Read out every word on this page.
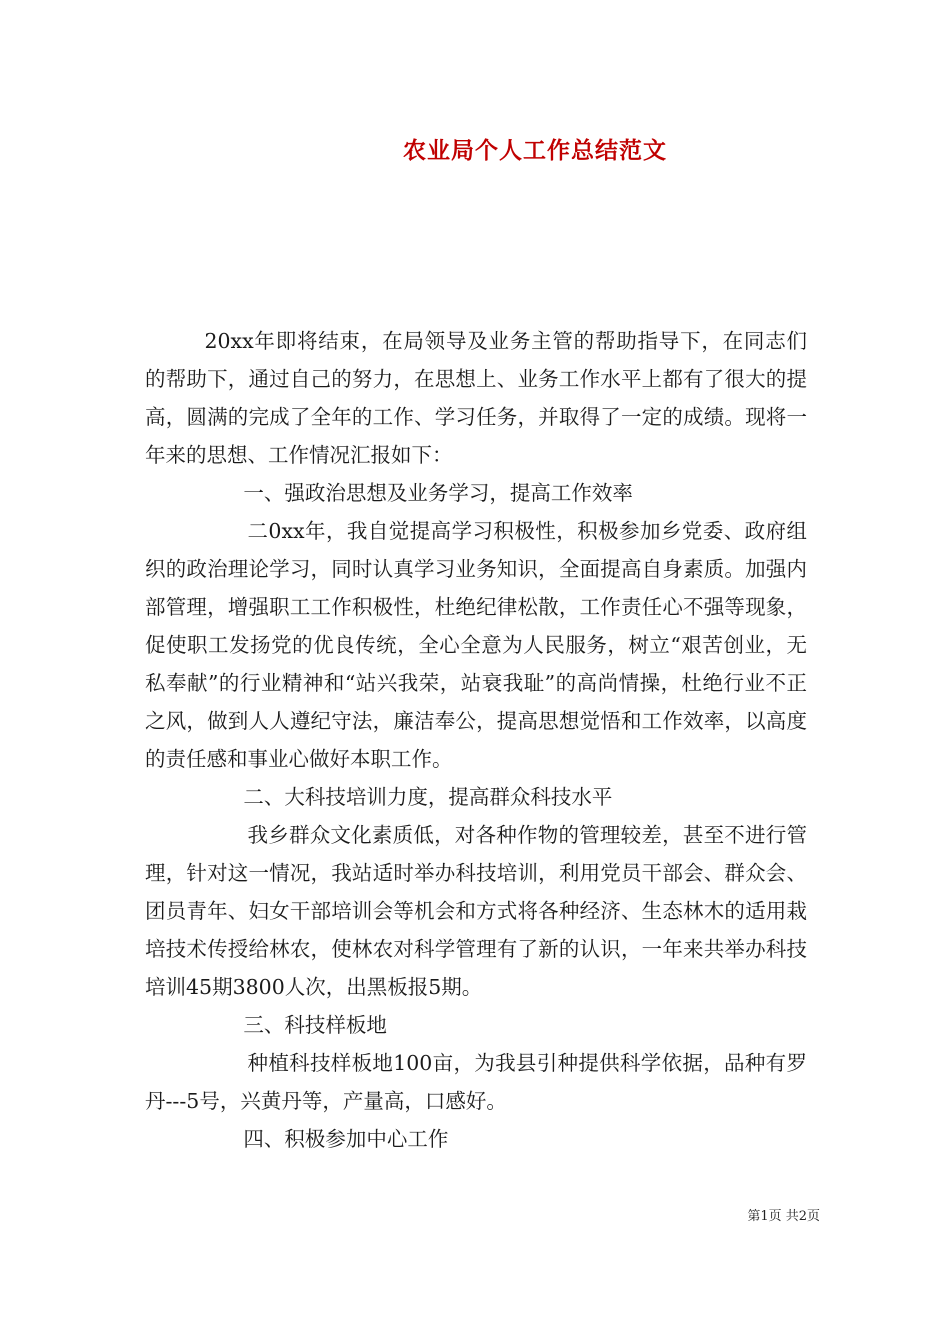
农业局个人工作总结范文

20xx年即将结束，在局领导及业务主管的帮助指导下，在同志们的帮助下，通过自己的努力，在思想上、业务工作水平上都有了很大的提高，圆满的完成了全年的工作、学习任务，并取得了一定的成绩。现将一年来的思想、工作情况汇报如下：

一、强政治思想及业务学习，提高工作效率

二0xx年，我自觉提高学习积极性，积极参加乡党委、政府组织的政治理论学习，同时认真学习业务知识，全面提高自身素质。加强内部管理，增强职工工作积极性，杜绝纪律松散，工作责任心不强等现象，促使职工发扬党的优良传统，全心全意为人民服务，树立“艰苦创业，无私奉献”的行业精神和“站兴我荣，站衰我耻”的高尚情操，杜绝行业不正之风，做到人人遵纪守法，廉洁奉公，提高思想觉悟和工作效率，以高度的责任感和事业心做好本职工作。

二、大科技培训力度，提高群众科技水平

我乡群众文化素质低，对各种作物的管理较差，甚至不进行管理，针对这一情况，我站适时举办科技培训，利用党员干部会、群众会、团员青年、妇女干部培训会等机会和方式将各种经济、生态林木的适用栽培技术传授给林农，使林农对科学管理有了新的认识，一年来共举办科技培训45期3800人次，出黑板报5期。

三、科技样板地

种植科技样板地100亩，为我县引种提供科学依据，品种有罗丹---5号，兴黄丹等，产量高，口感好。

四、积极参加中心工作

第1页 共2页
